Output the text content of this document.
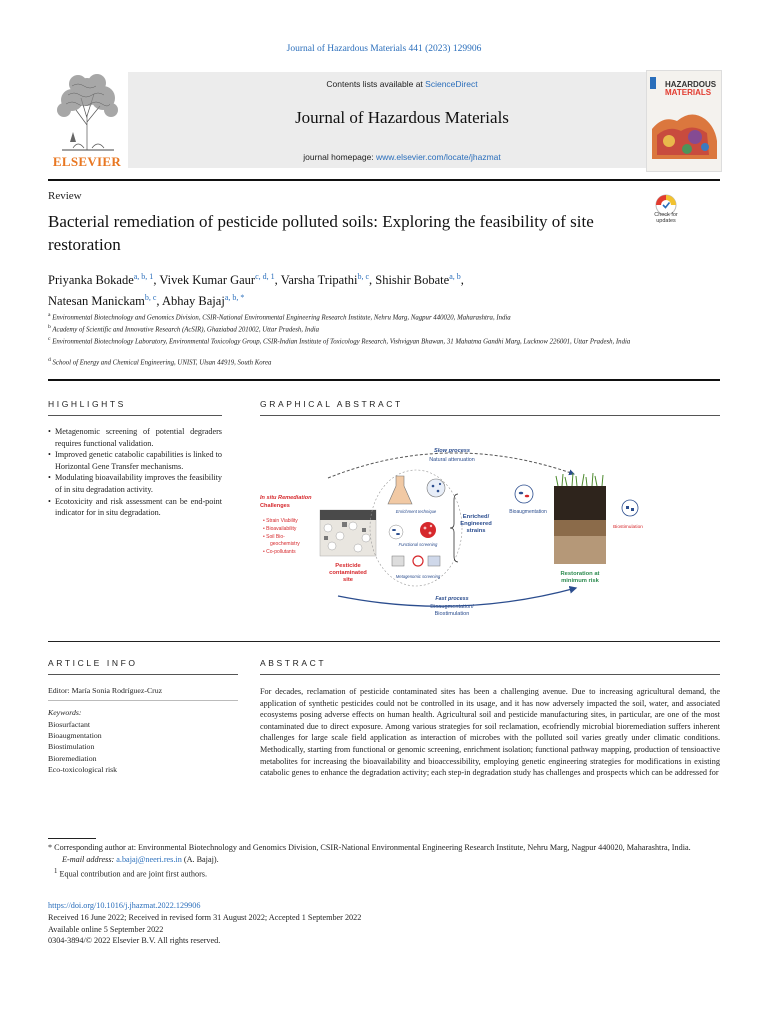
Journal of Hazardous Materials 441 (2023) 129906
ELSEVIER
Contents lists available at ScienceDirect
Journal of Hazardous Materials
journal homepage: www.elsevier.com/locate/jhazmat
HAZARDOUS
MATERIALS
Review
Bacterial remediation of pesticide polluted soils: Exploring the feasibility of site restoration
Check for
updates
Priyanka Bokade$^{a, b, 1}$, Vivek Kumar Gaur$^{c, d, 1}$, Varsha Tripathi$^{b, c}$, Shishir Bobate$^{a, b}$,
Natesan Manickam$^{b, c}$, Abhay Bajaj$^{a, b, *}$
$^a$ Environmental Biotechnology and Genomics Division, CSIR-National Environmental Engineering Research Institute, Nehru Marg, Nagpur 440020, Maharashtra, India
$^b$ Academy of Scientific and Innovative Research (AcSIR), Ghaziabad 201002, Uttar Pradesh, India
$^c$ Environmental Biotechnology Laboratory, Environmental Toxicology Group, CSIR-Indian Institute of Toxicology Research, Vishvigyan Bhawan, 31 Mahatma Gandhi Marg, Lucknow 226001, Uttar Pradesh, India
$^d$ School of Energy and Chemical Engineering, UNIST, Ulsan 44919, South Korea
HIGHLIGHTS
• Metagenomic screening of potential degraders requires functional validation.
• Improved genetic catabolic capabilities is linked to Horizontal Gene Transfer mechanisms.
• Modulating bioavailability improves the feasibility of in situ degradation activity.
• Ecotoxicity and risk assessment can be end-point indicator for in situ degradation.
GRAPHICAL ABSTRACT
Slow process
Natural attenuation
In situ Remediation
Challenges
• Strain Viability
• Bioavailability
• Soil Bio-
geochemistry
• Co-pollutants
Pesticide
contaminated
site
Enrichment technique
Functional screening
Metagenomic screening
Enriched/
Engineered
strains
Bioaugmentation
Biostimulation
Restoration at
minimum risk
Fast process
Bioaugmentation/
Biostimulation
ARTICLE INFO
Editor: María Sonia Rodríguez-Cruz
Keywords:
Biosurfactant
Bioaugmentation
Biostimulation
Bioremediation
Eco-toxicological risk
ABSTRACT
For decades, reclamation of pesticide contaminated sites has been a challenging avenue. Due to increasing agricultural demand, the application of synthetic pesticides could not be controlled in its usage, and it has now adversely impacted the soil, water, and associated ecosystems posing adverse effects on human health. Agricultural soil and pesticide manufacturing sites, in particular, are one of the most contaminated due to direct exposure. Among various strategies for soil reclamation, ecofriendly microbial bioremediation suffers inherent challenges for large scale field application as interaction of microbes with the polluted soil varies greatly under climatic conditions. Methodically, starting from functional or genomic screening, enrichment isolation; functional pathway mapping, production of tensioactive metabolites for increasing the bioavailability and bioaccessibility, employing genetic engineering strategies for modifications in existing catabolic genes to enhance the degradation activity; each step-in degradation study has challenges and prospects which can be addressed for
* Corresponding author at: Environmental Biotechnology and Genomics Division, CSIR-National Environmental Engineering Research Institute, Nehru Marg, Nagpur 440020, Maharashtra, India.
E-mail address: a.bajaj@neeri.res.in (A. Bajaj).
$^1$ Equal contribution and are joint first authors.
https://doi.org/10.1016/j.jhazmat.2022.129906
Received 16 June 2022; Received in revised form 31 August 2022; Accepted 1 September 2022
Available online 5 September 2022
0304-3894/© 2022 Elsevier B.V. All rights reserved.
